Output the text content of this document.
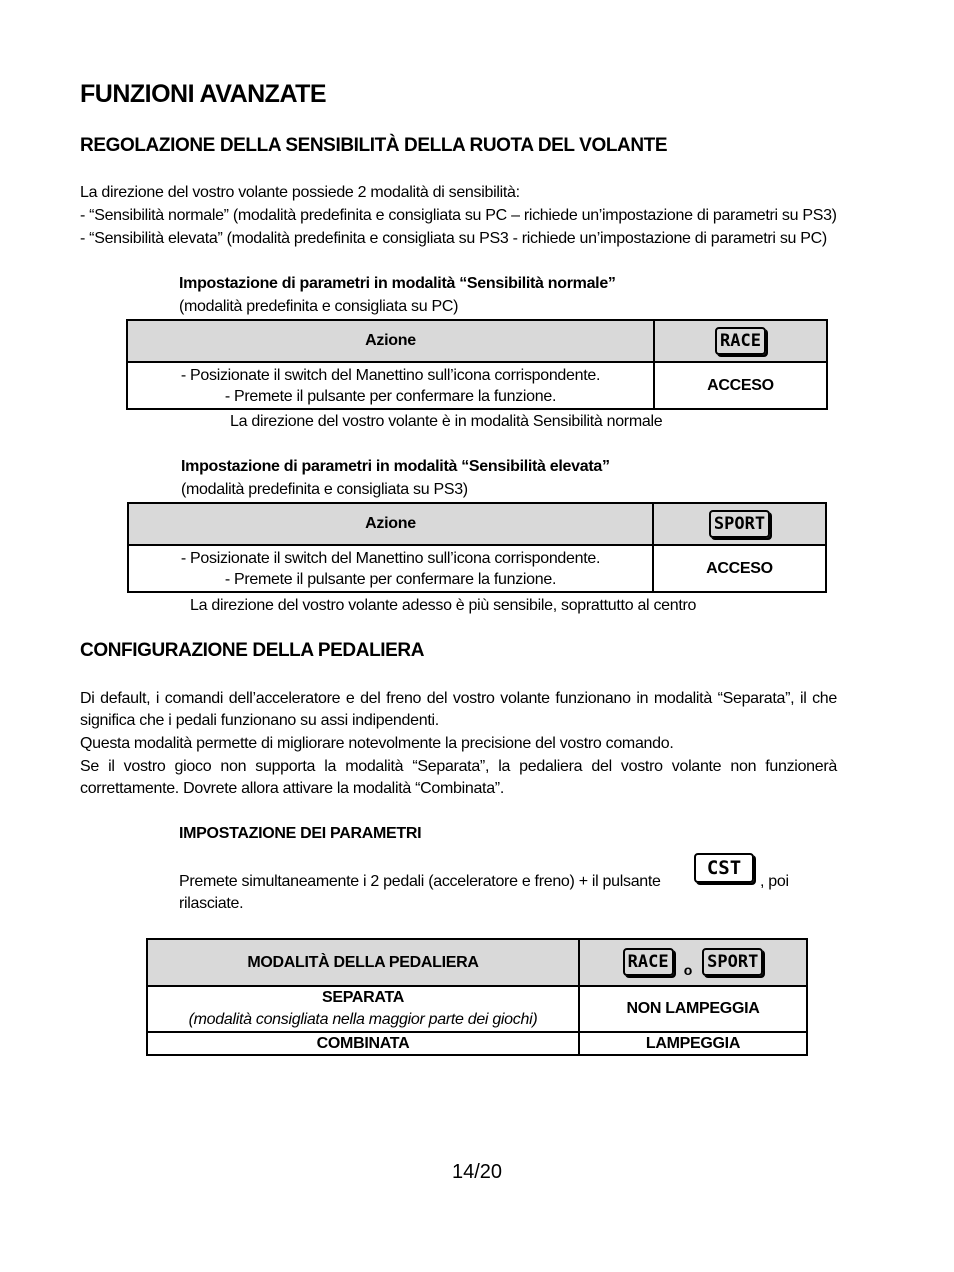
FUNZIONI AVANZATE
REGOLAZIONE DELLA SENSIBILITÀ DELLA RUOTA DEL VOLANTE
La direzione del vostro volante possiede 2 modalità di sensibilità:
- “Sensibilità normale” (modalità predefinita e consigliata su PC – richiede un’impostazione di parametri su PS3)
- “Sensibilità elevata” (modalità predefinita e consigliata su PS3 - richiede un’impostazione di parametri su PC)
Impostazione di parametri in modalità “Sensibilità normale”
(modalità predefinita e consigliata su PC)
Azione	RACE

- Posizionate il switch del Manettino sull’icona corrispondente.
- Premete il pulsante per confermare la funzione.	ACCESO
La direzione del vostro volante è in modalità Sensibilità normale
Impostazione di parametri in modalità “Sensibilità elevata”
(modalità predefinita e consigliata su PS3)
Azione	SPORT

- Posizionate il switch del Manettino sull’icona corrispondente.
- Premete il pulsante per confermare la funzione.	ACCESO
La direzione del vostro volante adesso è più sensibile, soprattutto al centro
CONFIGURAZIONE DELLA PEDALIERA
Di default, i comandi dell’acceleratore e del freno del vostro volante funzionano in modalità “Separata”, il che significa che i pedali funzionano su assi indipendenti.
Questa modalità permette di migliorare notevolmente la precisione del vostro comando.
Se il vostro gioco non supporta la modalità “Separata”, la pedaliera del vostro volante non funzionerà correttamente. Dovrete allora attivare la modalità “Combinata”.
IMPOSTAZIONE DEI PARAMETRI
Premete simultaneamente i 2 pedali (acceleratore e freno) + il pulsante
CST
, poi
rilasciate.
MODALITÀ DELLA PEDALIERA	RACE o SPORT

SEPARATA
(modalità consigliata nella maggior parte dei giochi)	NON LAMPEGGIA
COMBINATA	LAMPEGGIA
14/20
